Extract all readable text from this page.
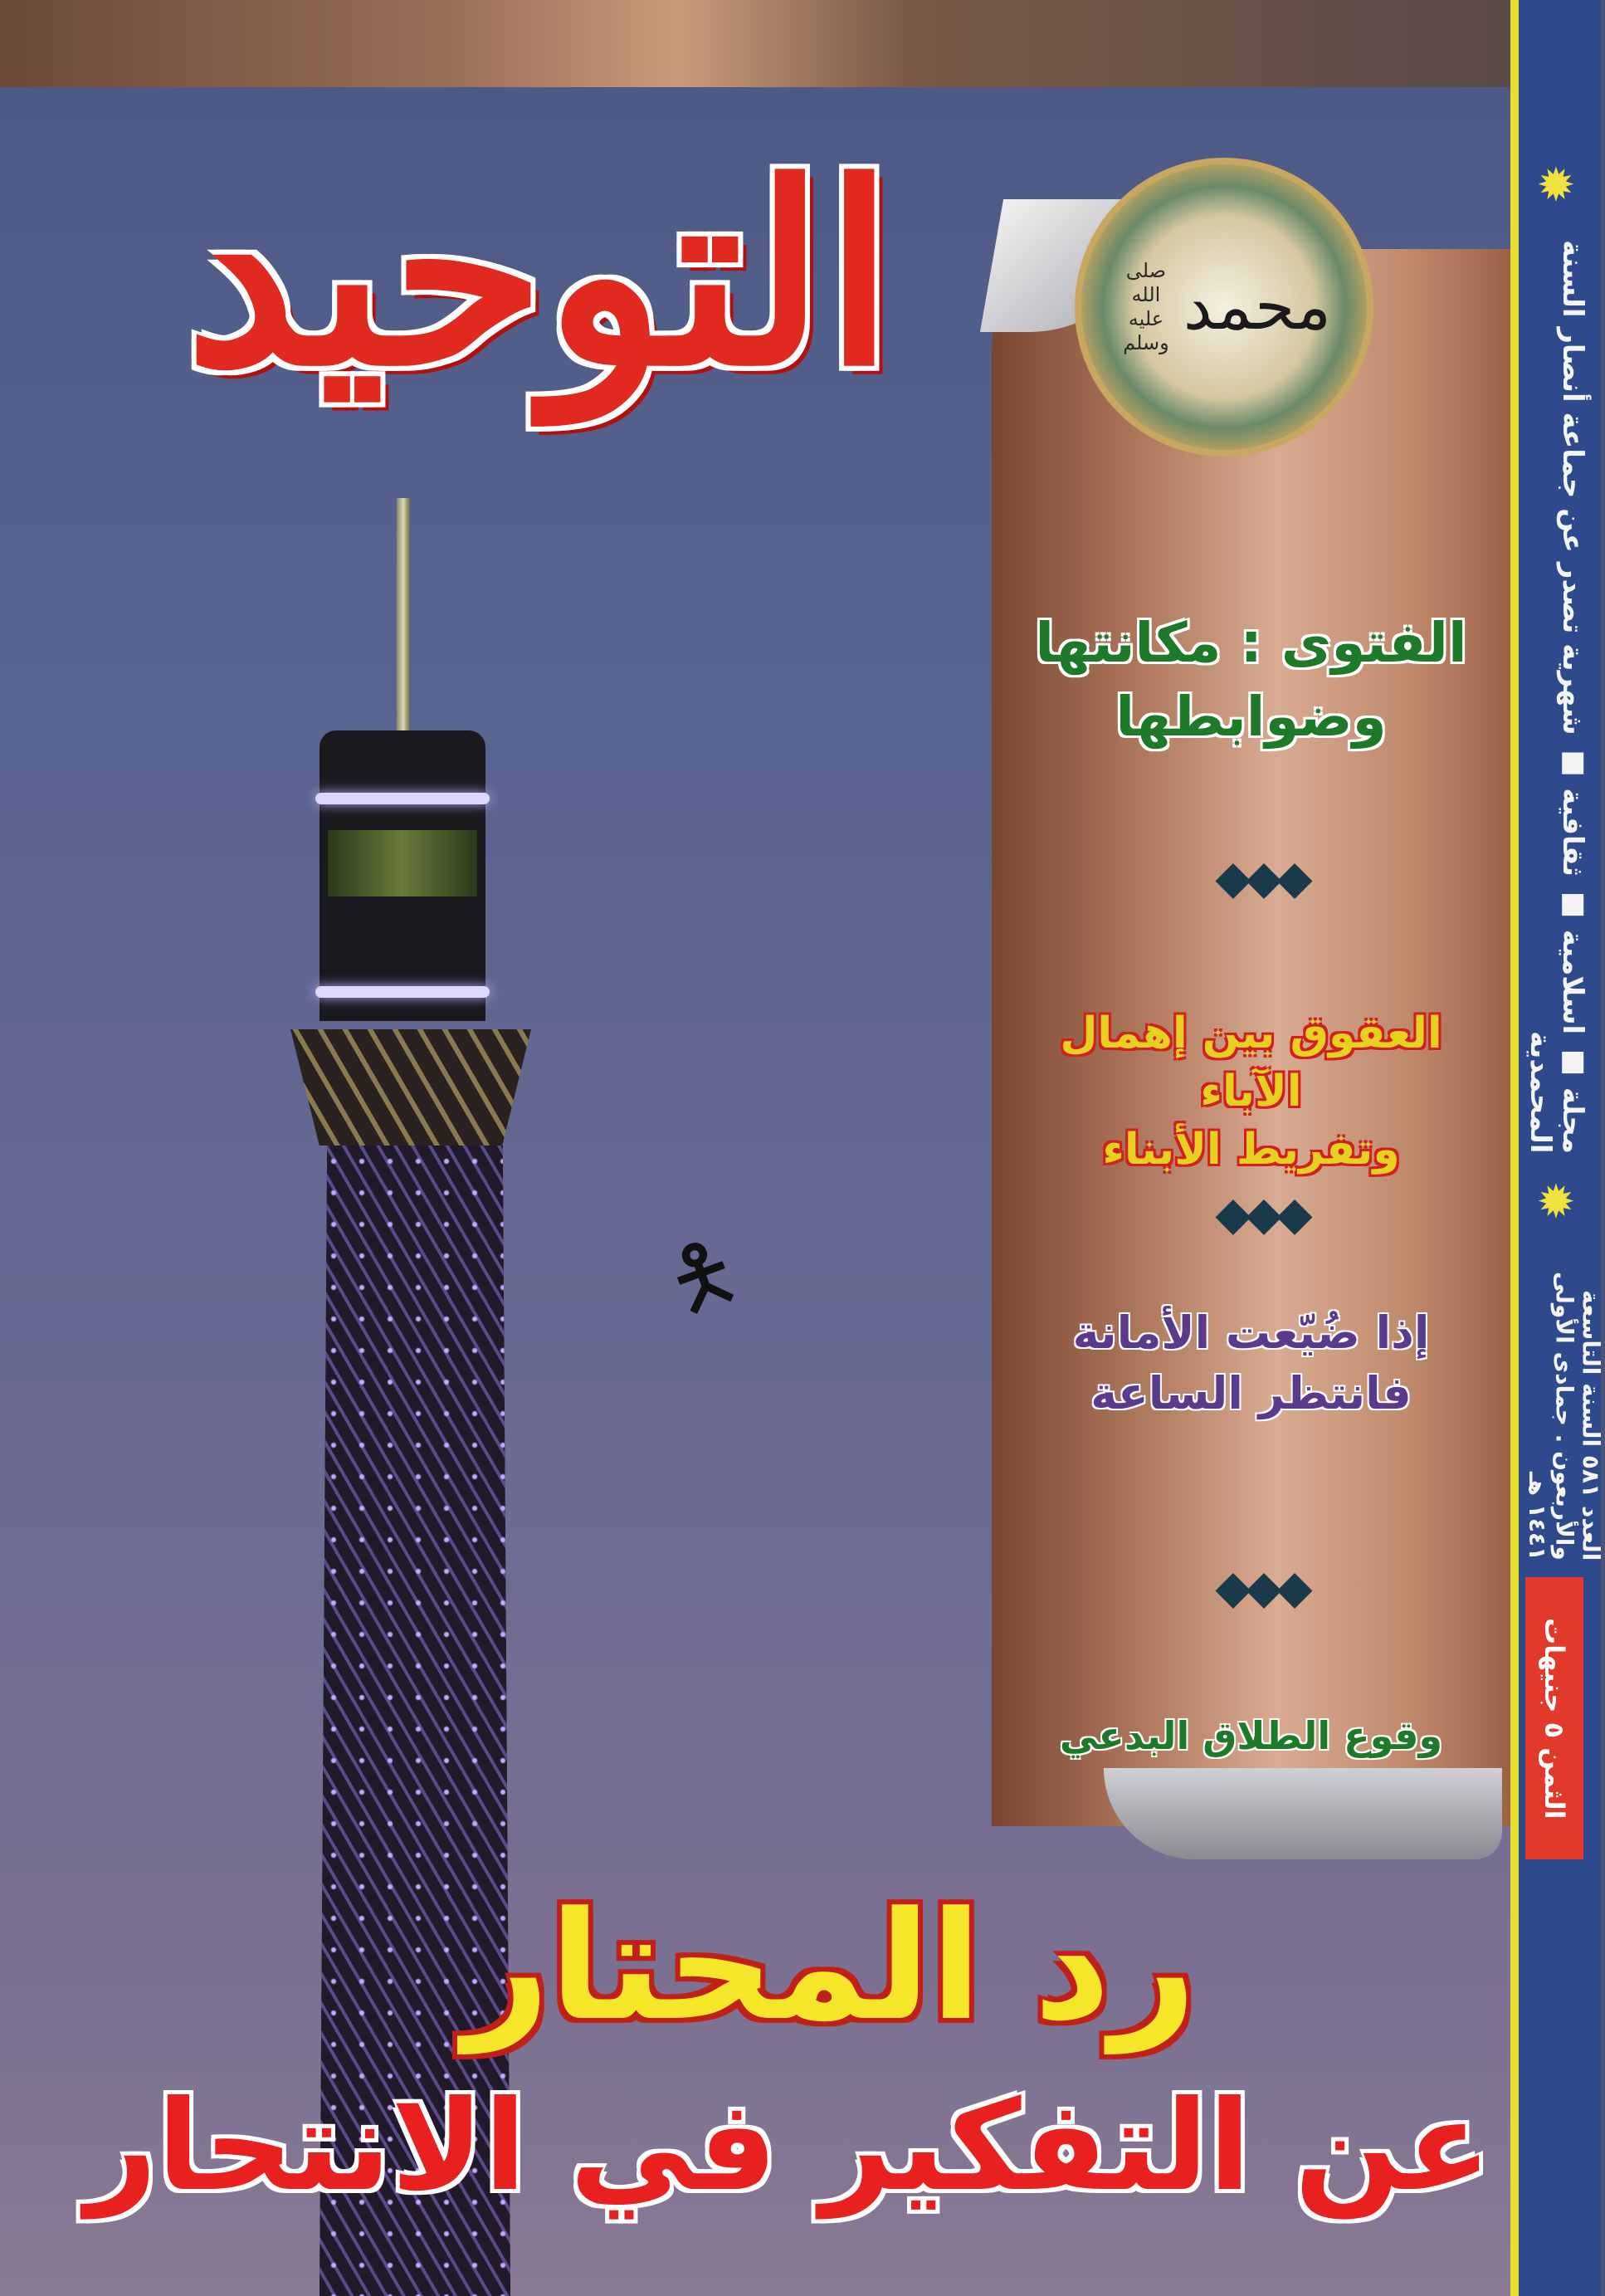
✹
مجلة ■ اسلامية ■ ثقافية ■ شهرية تصدر عن جماعة أنصار السنة المحمدية
✹
العدد ٥٨١ السنة التاسعة والأربعون . جمادى الأولى ١٤٤١ هـ
الثمن ٥ جنيهات
محمد
صلى الله عليه وسلم
الفتوى : مكانتها
وضوابطها
◆◆◆
العقوق بين إهمال الآباء
وتفريط الأبناء
◆◆◆
إذا ضُيّعت الأمانة
فانتظر الساعة
◆◆◆
وقوع الطلاق البدعي
التوحيد
🯅
رد المحتار
عن التفكير في الانتحار
